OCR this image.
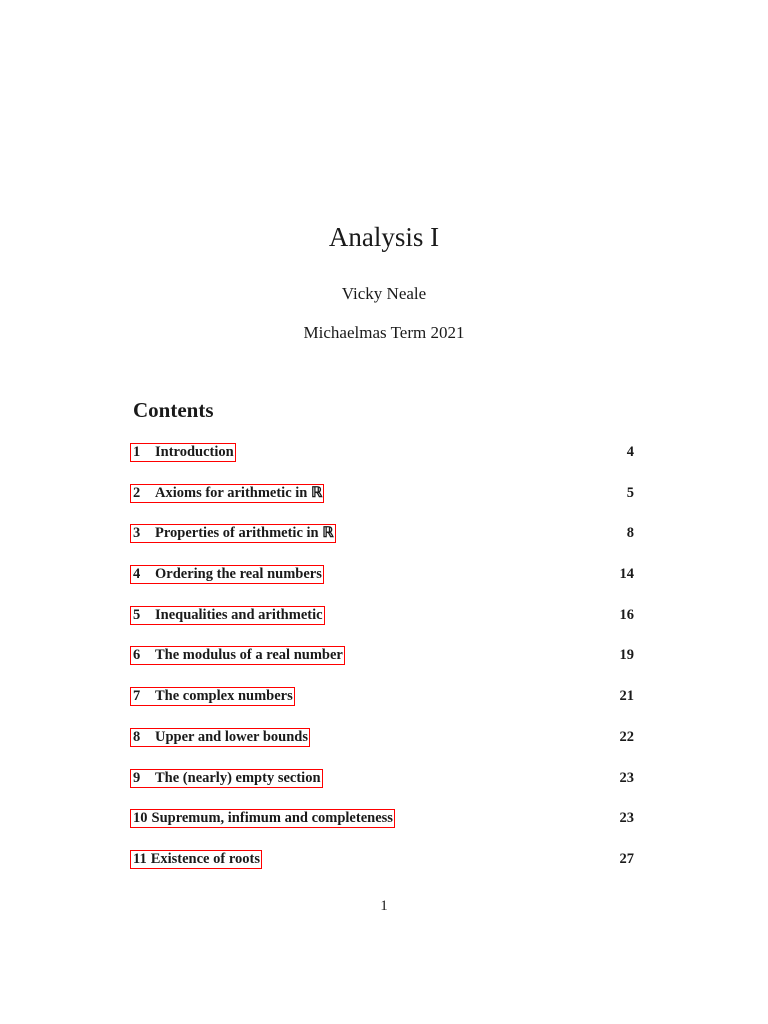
Analysis I
Vicky Neale
Michaelmas Term 2021
Contents
1	Introduction	4
2	Axioms for arithmetic in ℝ	5
3	Properties of arithmetic in ℝ	8
4	Ordering the real numbers	14
5	Inequalities and arithmetic	16
6	The modulus of a real number	19
7	The complex numbers	21
8	Upper and lower bounds	22
9	The (nearly) empty section	23
10 Supremum, infimum and completeness	23
11 Existence of roots	27
1
